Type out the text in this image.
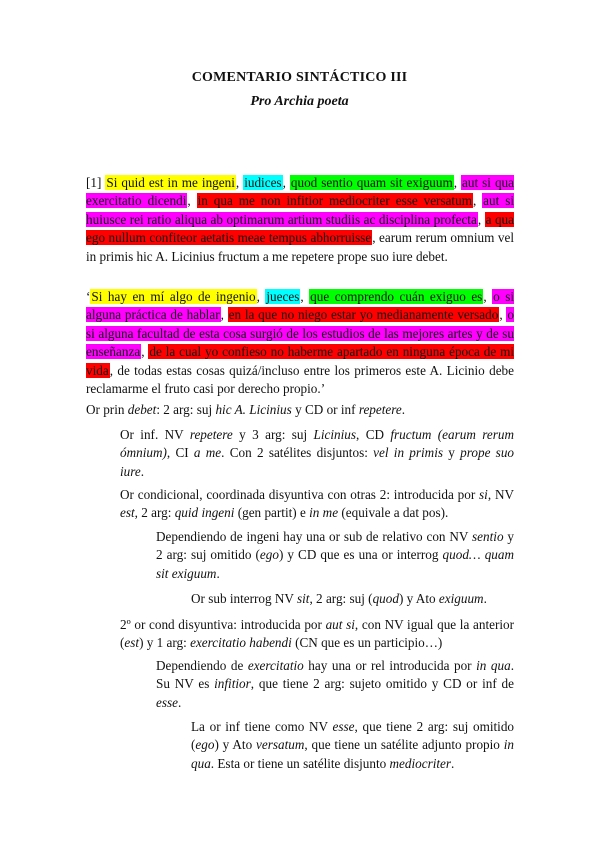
COMENTARIO SINTÁCTICO III
Pro Archia poeta
[1] Si quid est in me ingeni, iudices, quod sentio quam sit exiguum, aut si qua exercitatio dicendi, in qua me non infitior mediocriter esse versatum, aut si huiusce rei ratio aliqua ab optimarum artium studiis ac disciplina profecta, a qua ego nullum confiteor aetatis meae tempus abhorruisse, earum rerum omnium vel in primis hic A. Licinius fructum a me repetere prope suo iure debet.
‘Si hay en mí algo de ingenio, jueces, que comprendo cuán exiguo es, o si alguna práctica de hablar, en la que no niego estar yo medianamente versado, o si alguna facultad de esta cosa surgió de los estudios de las mejores artes y de su enseñanza, de la cual yo confieso no haberme apartado en ninguna época de mi vida, de todas estas cosas quizá/incluso entre los primeros este A. Licinio debe reclamarme el fruto casi por derecho propio.’
Or prin debet: 2 arg: suj hic A. Licinius y CD or inf repetere.
Or inf. NV repetere y 3 arg: suj Licinius, CD fructum (earum rerum ómnium), CI a me. Con 2 satélites disjuntos: vel in primis y prope suo iure.
Or condicional, coordinada disyuntiva con otras 2: introducida por si, NV est, 2 arg: quid ingeni (gen partit) e in me (equivale a dat pos).
Dependiendo de ingeni hay una or sub de relativo con NV sentio y 2 arg: suj omitido (ego) y CD que es una or interrog quod… quam sit exiguum.
Or sub interrog NV sit, 2 arg: suj (quod) y Ato exiguum.
2º or cond disyuntiva: introducida por aut si, con NV igual que la anterior (est) y 1 arg: exercitatio habendi (CN que es un participio…)
Dependiendo de exercitatio hay una or rel introducida por in qua. Su NV es infitior, que tiene 2 arg: sujeto omitido y CD or inf de esse.
La or inf tiene como NV esse, que tiene 2 arg: suj omitido (ego) y Ato versatum, que tiene un satélite adjunto propio in qua. Esta or tiene un satélite disjunto mediocriter.
